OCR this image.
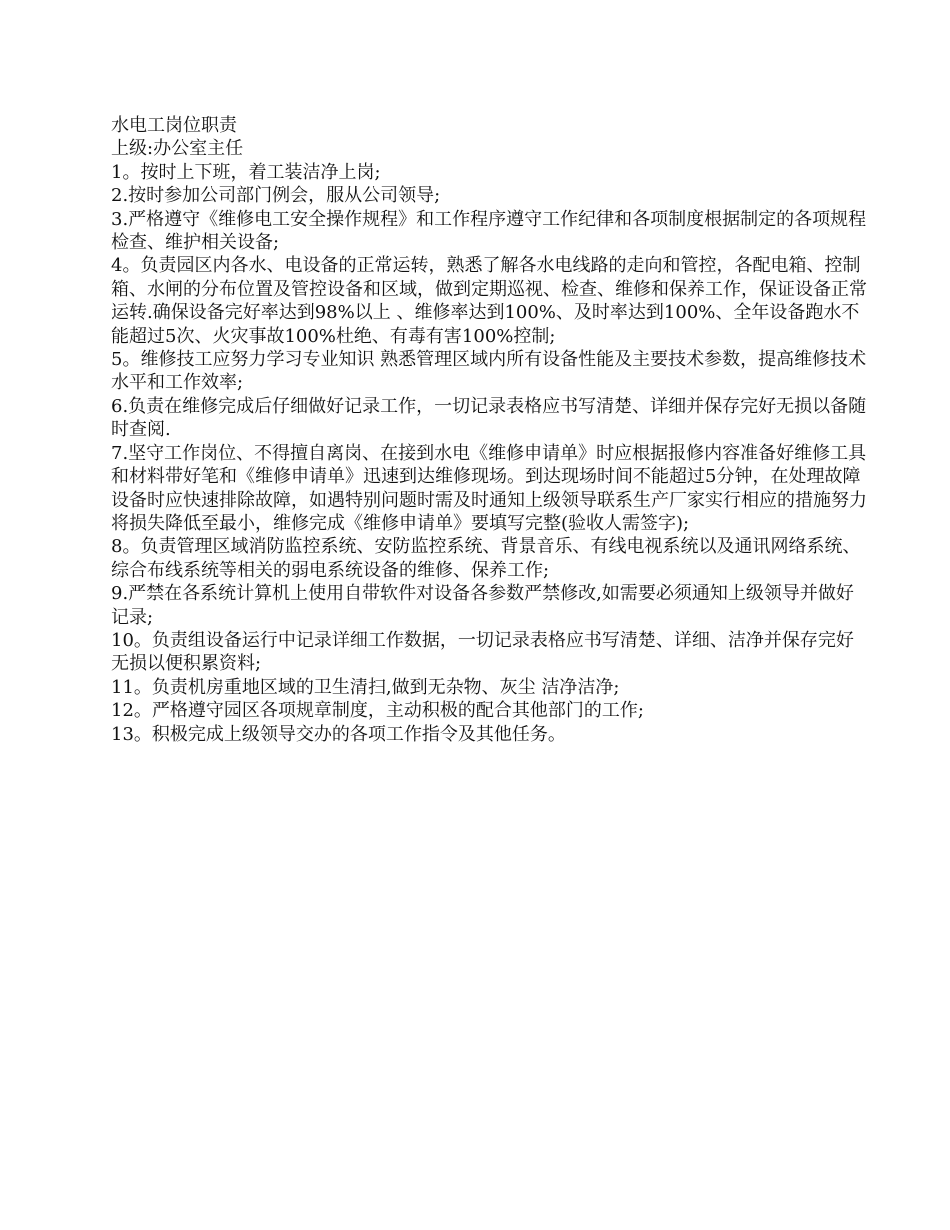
水电工岗位职责

上级:办公室主任

1。按时上下班，着工装洁净上岗;

2.按时参加公司部门例会，服从公司领导;

3.严格遵守《维修电工安全操作规程》和工作程序遵守工作纪律和各项制度根据制定的各项规程检查、维护相关设备;

4。负责园区内各水、电设备的正常运转，熟悉了解各水电线路的走向和管控，各配电箱、控制箱、水闸的分布位置及管控设备和区域，做到定期巡视、检查、维修和保养工作，保证设备正常运转.确保设备完好率达到98%以上 、维修率达到100%、及时率达到100%、全年设备跑水不能超过5次、火灾事故100%杜绝、有毒有害100%控制;

5。维修技工应努力学习专业知识 熟悉管理区域内所有设备性能及主要技术参数，提高维修技术水平和工作效率;

6.负责在维修完成后仔细做好记录工作，一切记录表格应书写清楚、详细并保存完好无损以备随时查阅.

7.坚守工作岗位、不得擅自离岗、在接到水电《维修申请单》时应根据报修内容准备好维修工具和材料带好笔和《维修申请单》迅速到达维修现场。到达现场时间不能超过5分钟，在处理故障设备时应快速排除故障，如遇特别问题时需及时通知上级领导联系生产厂家实行相应的措施努力将损失降低至最小，维修完成《维修申请单》要填写完整(验收人需签字);

8。负责管理区域消防监控系统、安防监控系统、背景音乐、有线电视系统以及通讯网络系统、综合布线系统等相关的弱电系统设备的维修、保养工作;

9.严禁在各系统计算机上使用自带软件对设备各参数严禁修改,如需要必须通知上级领导并做好记录;

10。负责组设备运行中记录详细工作数据，一切记录表格应书写清楚、详细、洁净并保存完好无损以便积累资料;

11。负责机房重地区域的卫生清扫,做到无杂物、灰尘 洁净洁净;

12。严格遵守园区各项规章制度，主动积极的配合其他部门的工作;

13。积极完成上级领导交办的各项工作指令及其他任务。
